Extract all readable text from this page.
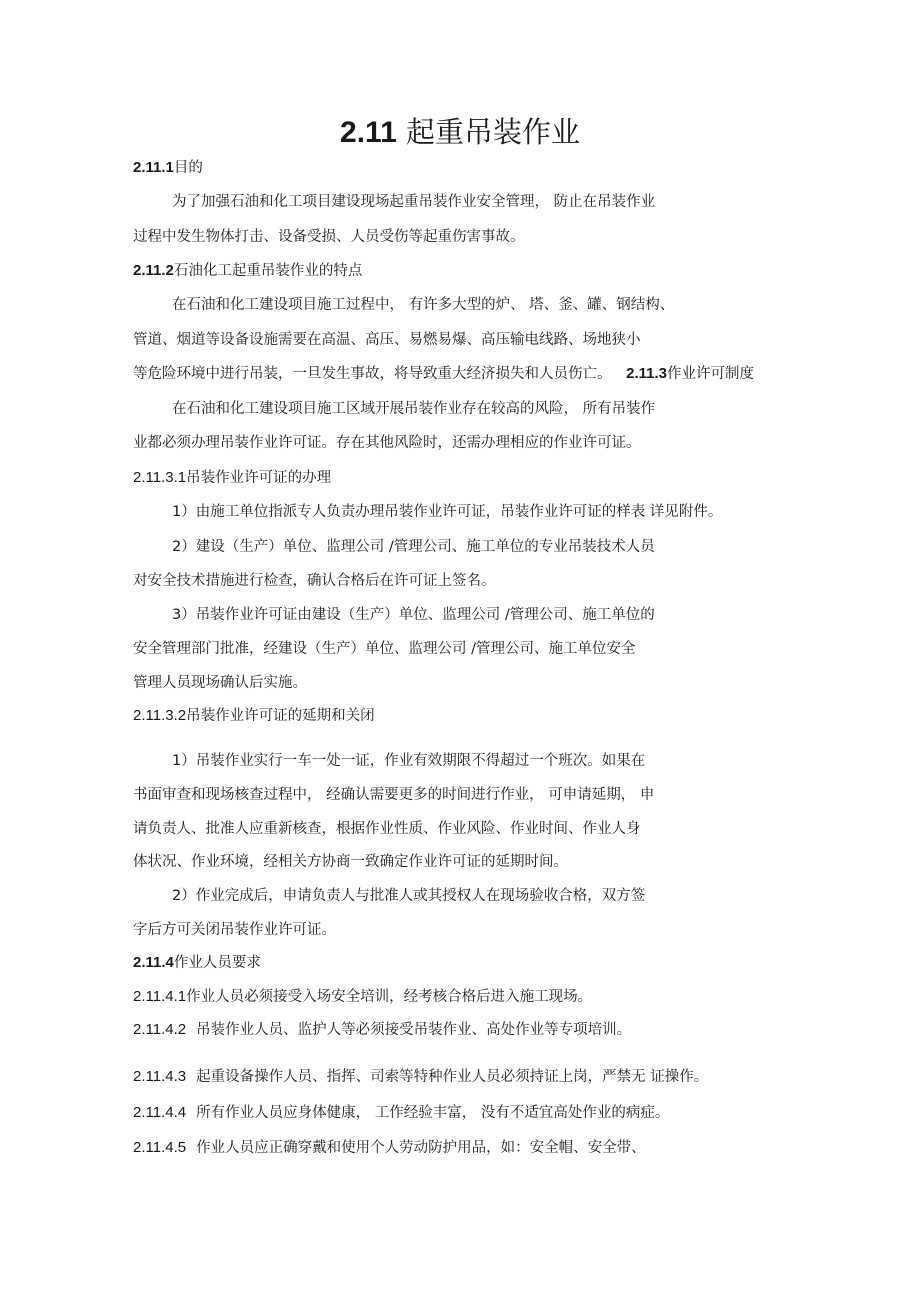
2.11 起重吊装作业
2.11.1目的
为了加强石油和化工项目建设现场起重吊装作业安全管理， 防止在吊装作业
过程中发生物体打击、设备受损、人员受伤等起重伤害事故。
2.11.2石油化工起重吊装作业的特点
在石油和化工建设项目施工过程中， 有许多大型的炉、 塔、釜、罐、钢结构、
管道、烟道等设备设施需要在高温、高压、易燃易爆、高压输电线路、场地狭小
等危险环境中进行吊装，一旦发生事故，将导致重大经济损失和人员伤亡。 2.11.3作业许可制度
在石油和化工建设项目施工区域开展吊装作业存在较高的风险， 所有吊装作
业都必须办理吊装作业许可证。存在其他风险时，还需办理相应的作业许可证。
2.11.3.1吊装作业许可证的办理
1）由施工单位指派专人负责办理吊装作业许可证，吊装作业许可证的样表 详见附件。
2）建设（生产）单位、监理公司 /管理公司、施工单位的专业吊装技术人员
对安全技术措施进行检查，确认合格后在许可证上签名。
3）吊装作业许可证由建设（生产）单位、监理公司 /管理公司、施工单位的
安全管理部门批准，经建设（生产）单位、监理公司 /管理公司、施工单位安全
管理人员现场确认后实施。
2.11.3.2吊装作业许可证的延期和关闭
1）吊装作业实行一车一处一证，作业有效期限不得超过一个班次。如果在
书面审查和现场核查过程中， 经确认需要更多的时间进行作业， 可申请延期， 申
请负责人、批准人应重新核查，根据作业性质、作业风险、作业时间、作业人身
体状况、作业环境，经相关方协商一致确定作业许可证的延期时间。
2）作业完成后，申请负责人与批准人或其授权人在现场验收合格，双方签
字后方可关闭吊装作业许可证。
2.11.4作业人员要求
2.11.4.1作业人员必须接受入场安全培训，经考核合格后进入施工现场。
2.11.4.2 吊装作业人员、监护人等必须接受吊装作业、高处作业等专项培训。
2.11.4.3 起重设备操作人员、指挥、司索等特种作业人员必须持证上岗，严禁无 证操作。
2.11.4.4 所有作业人员应身体健康， 工作经验丰富， 没有不适宜高处作业的病症。
2.11.4.5 作业人员应正确穿戴和使用个人劳动防护用品，如：安全帽、安全带、
